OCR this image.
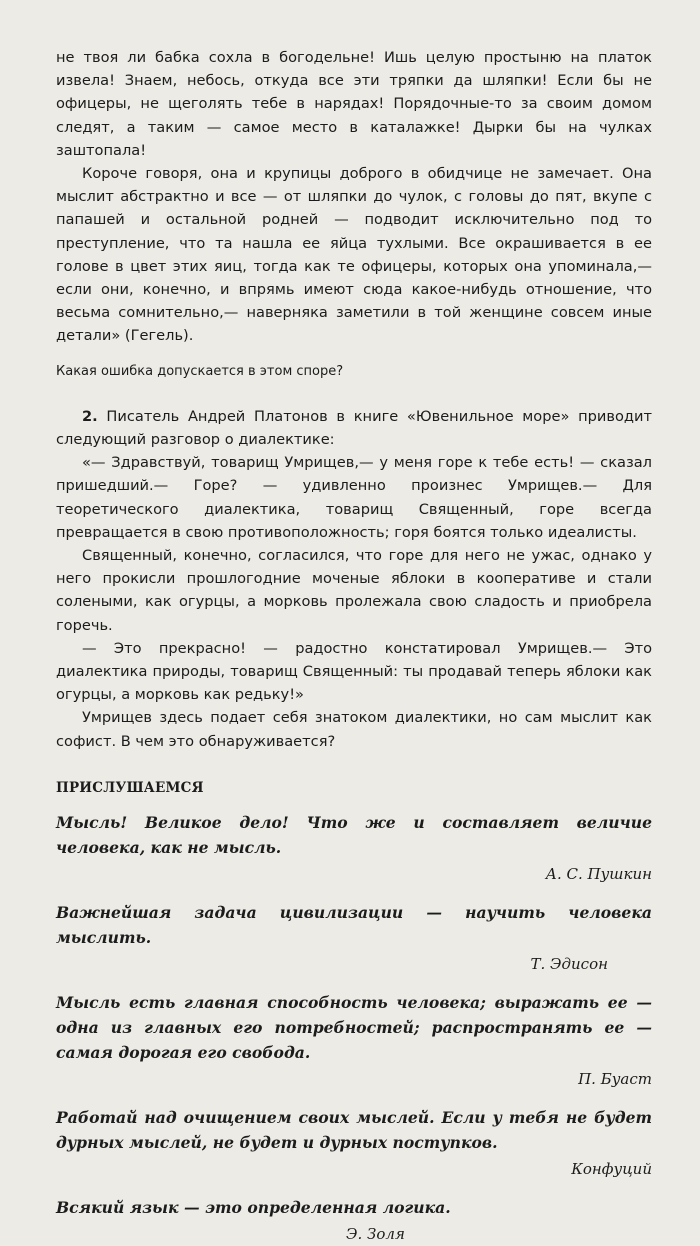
не твоя ли бабка сохла в богодельне! Ишь целую простыню на платок извела! Знаем, небось, откуда все эти тряпки да шляпки! Если бы не офицеры, не щеголять тебе в нарядах! Порядочные-то за своим домом следят, а таким — самое место в каталажке! Дырки бы на чулках заштопала!

Короче говоря, она и крупицы доброго в обидчице не замечает. Она мыслит абстрактно и все — от шляпки до чулок, с головы до пят, вкупе с папашей и остальной родней — подводит исключительно под то преступление, что та нашла ее яйца тухлыми. Все окрашивается в ее голове в цвет этих яиц, тогда как те офицеры, которых она упоминала,— если они, конечно, и впрямь имеют сюда какое-нибудь отношение, что весьма сомнительно,— наверняка заметили в той женщине совсем иные детали» (Гегель).

Какая ошибка допускается в этом споре?

2. Писатель Андрей Платонов в книге «Ювенильное море» приводит следующий разговор о диалектике:

«— Здравствуй, товарищ Умрищев,— у меня горе к тебе есть! — сказал пришедший.— Горе? — удивленно произнес Умрищев.— Для теоретического диалектика, товарищ Священный, горе всегда превращается в свою противоположность; горя боятся только идеалисты.

Священный, конечно, согласился, что горе для него не ужас, однако у него прокисли прошлогодние моченые яблоки в кооперативе и стали солеными, как огурцы, а морковь пролежала свою сладость и приобрела горечь.

— Это прекрасно! — радостно констатировал Умрищев.— Это диалектика природы, товарищ Священный: ты продавай теперь яблоки как огурцы, а морковь как редьку!»

Умрищев здесь подает себя знатоком диалектики, но сам мыслит как софист. В чем это обнаруживается?

ПРИСЛУШАЕМСЯ

Мысль! Великое дело! Что же и составляет величие человека, как не мысль.

А. С. Пушкин

Важнейшая задача цивилизации — научить человека мыслить.

Т. Эдисон

Мысль есть главная способность человека; выражать ее — одна из главных его потребностей; распространять ее — самая дорогая его свобода.

П. Буаст

Работай над очищением своих мыслей. Если у тебя не будет дурных мыслей, не будет и дурных поступков.

Конфуций

Всякий язык — это определенная логика.

Э. Золя
